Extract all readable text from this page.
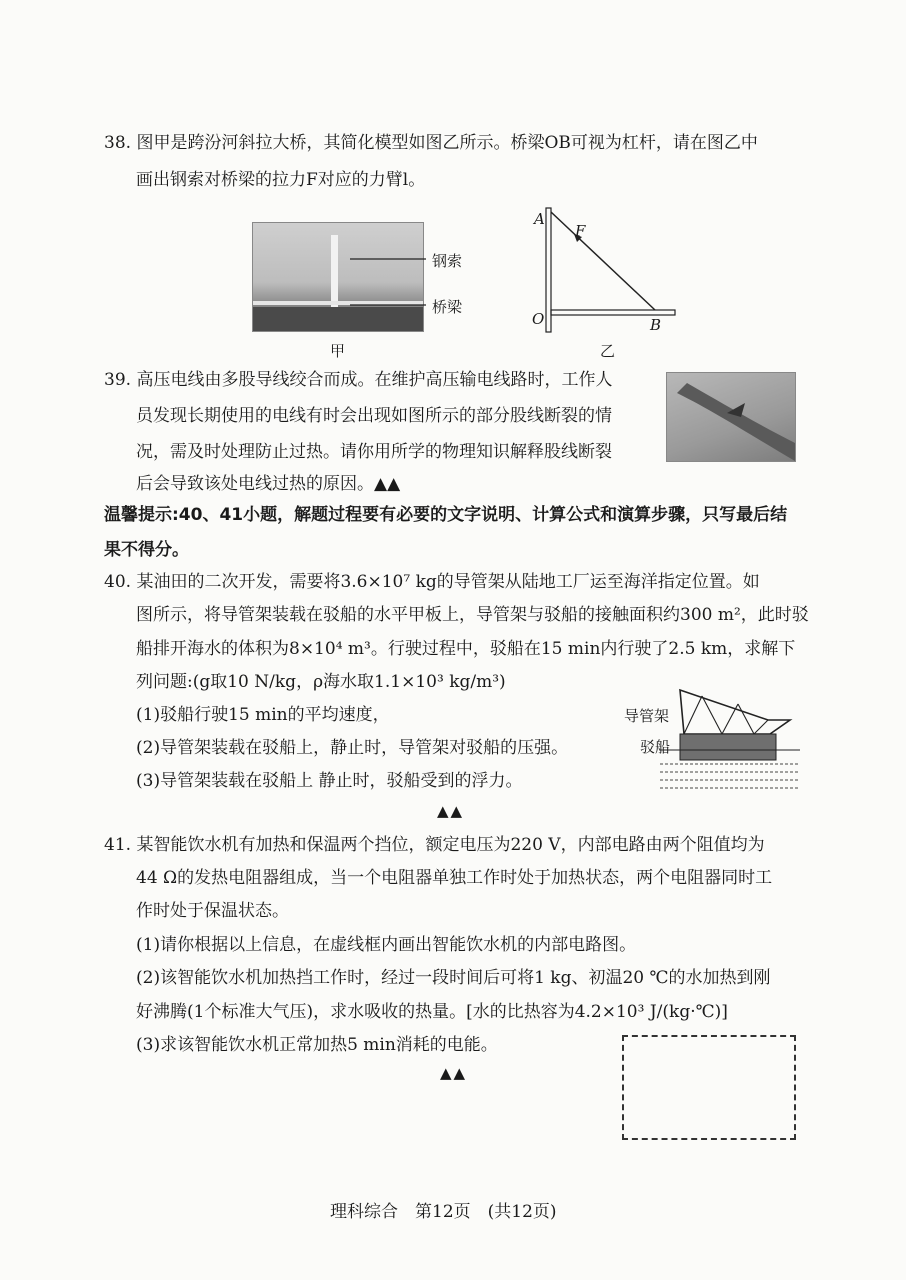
38. 图甲是跨汾河斜拉大桥，其简化模型如图乙所示。桥梁OB可视为杠杆，请在图乙中
画出钢索对桥梁的拉力F对应的力臂l。
钢索
桥梁
甲
A
F
O	B
乙
39. 高压电线由多股导线绞合而成。在维护高压输电线路时，工作人
员发现长期使用的电线有时会出现如图所示的部分股线断裂的情
况，需及时处理防止过热。请你用所学的物理知识解释股线断裂
后会导致该处电线过热的原因。▲▲
温馨提示:40、41小题，解题过程要有必要的文字说明、计算公式和演算步骤，只写最后结
果不得分。
40. 某油田的二次开发，需要将3.6×10⁷ kg的导管架从陆地工厂运至海洋指定位置。如
图所示，将导管架装载在驳船的水平甲板上，导管架与驳船的接触面积约300 m²，此时驳
船排开海水的体积为8×10⁴ m³。行驶过程中，驳船在15 min内行驶了2.5 km，求解下
列问题:(g取10 N/kg，ρ海水取1.1×10³ kg/m³)
(1)驳船行驶15 min的平均速度，
(2)导管架装载在驳船上，静止时，导管架对驳船的压强。
(3)导管架装载在驳船上 静止时，驳船受到的浮力。
导管架
驳船
▲▲
41. 某智能饮水机有加热和保温两个挡位，额定电压为220 V，内部电路由两个阻值均为
44 Ω的发热电阻器组成，当一个电阻器单独工作时处于加热状态，两个电阻器同时工
作时处于保温状态。
(1)请你根据以上信息，在虚线框内画出智能饮水机的内部电路图。
(2)该智能饮水机加热挡工作时，经过一段时间后可将1 kg、初温20 ℃的水加热到刚
好沸腾(1个标准大气压)，求水吸收的热量。[水的比热容为4.2×10³ J/(kg·℃)]
(3)求该智能饮水机正常加热5 min消耗的电能。
▲▲
理科综合　第12页　(共12页)
